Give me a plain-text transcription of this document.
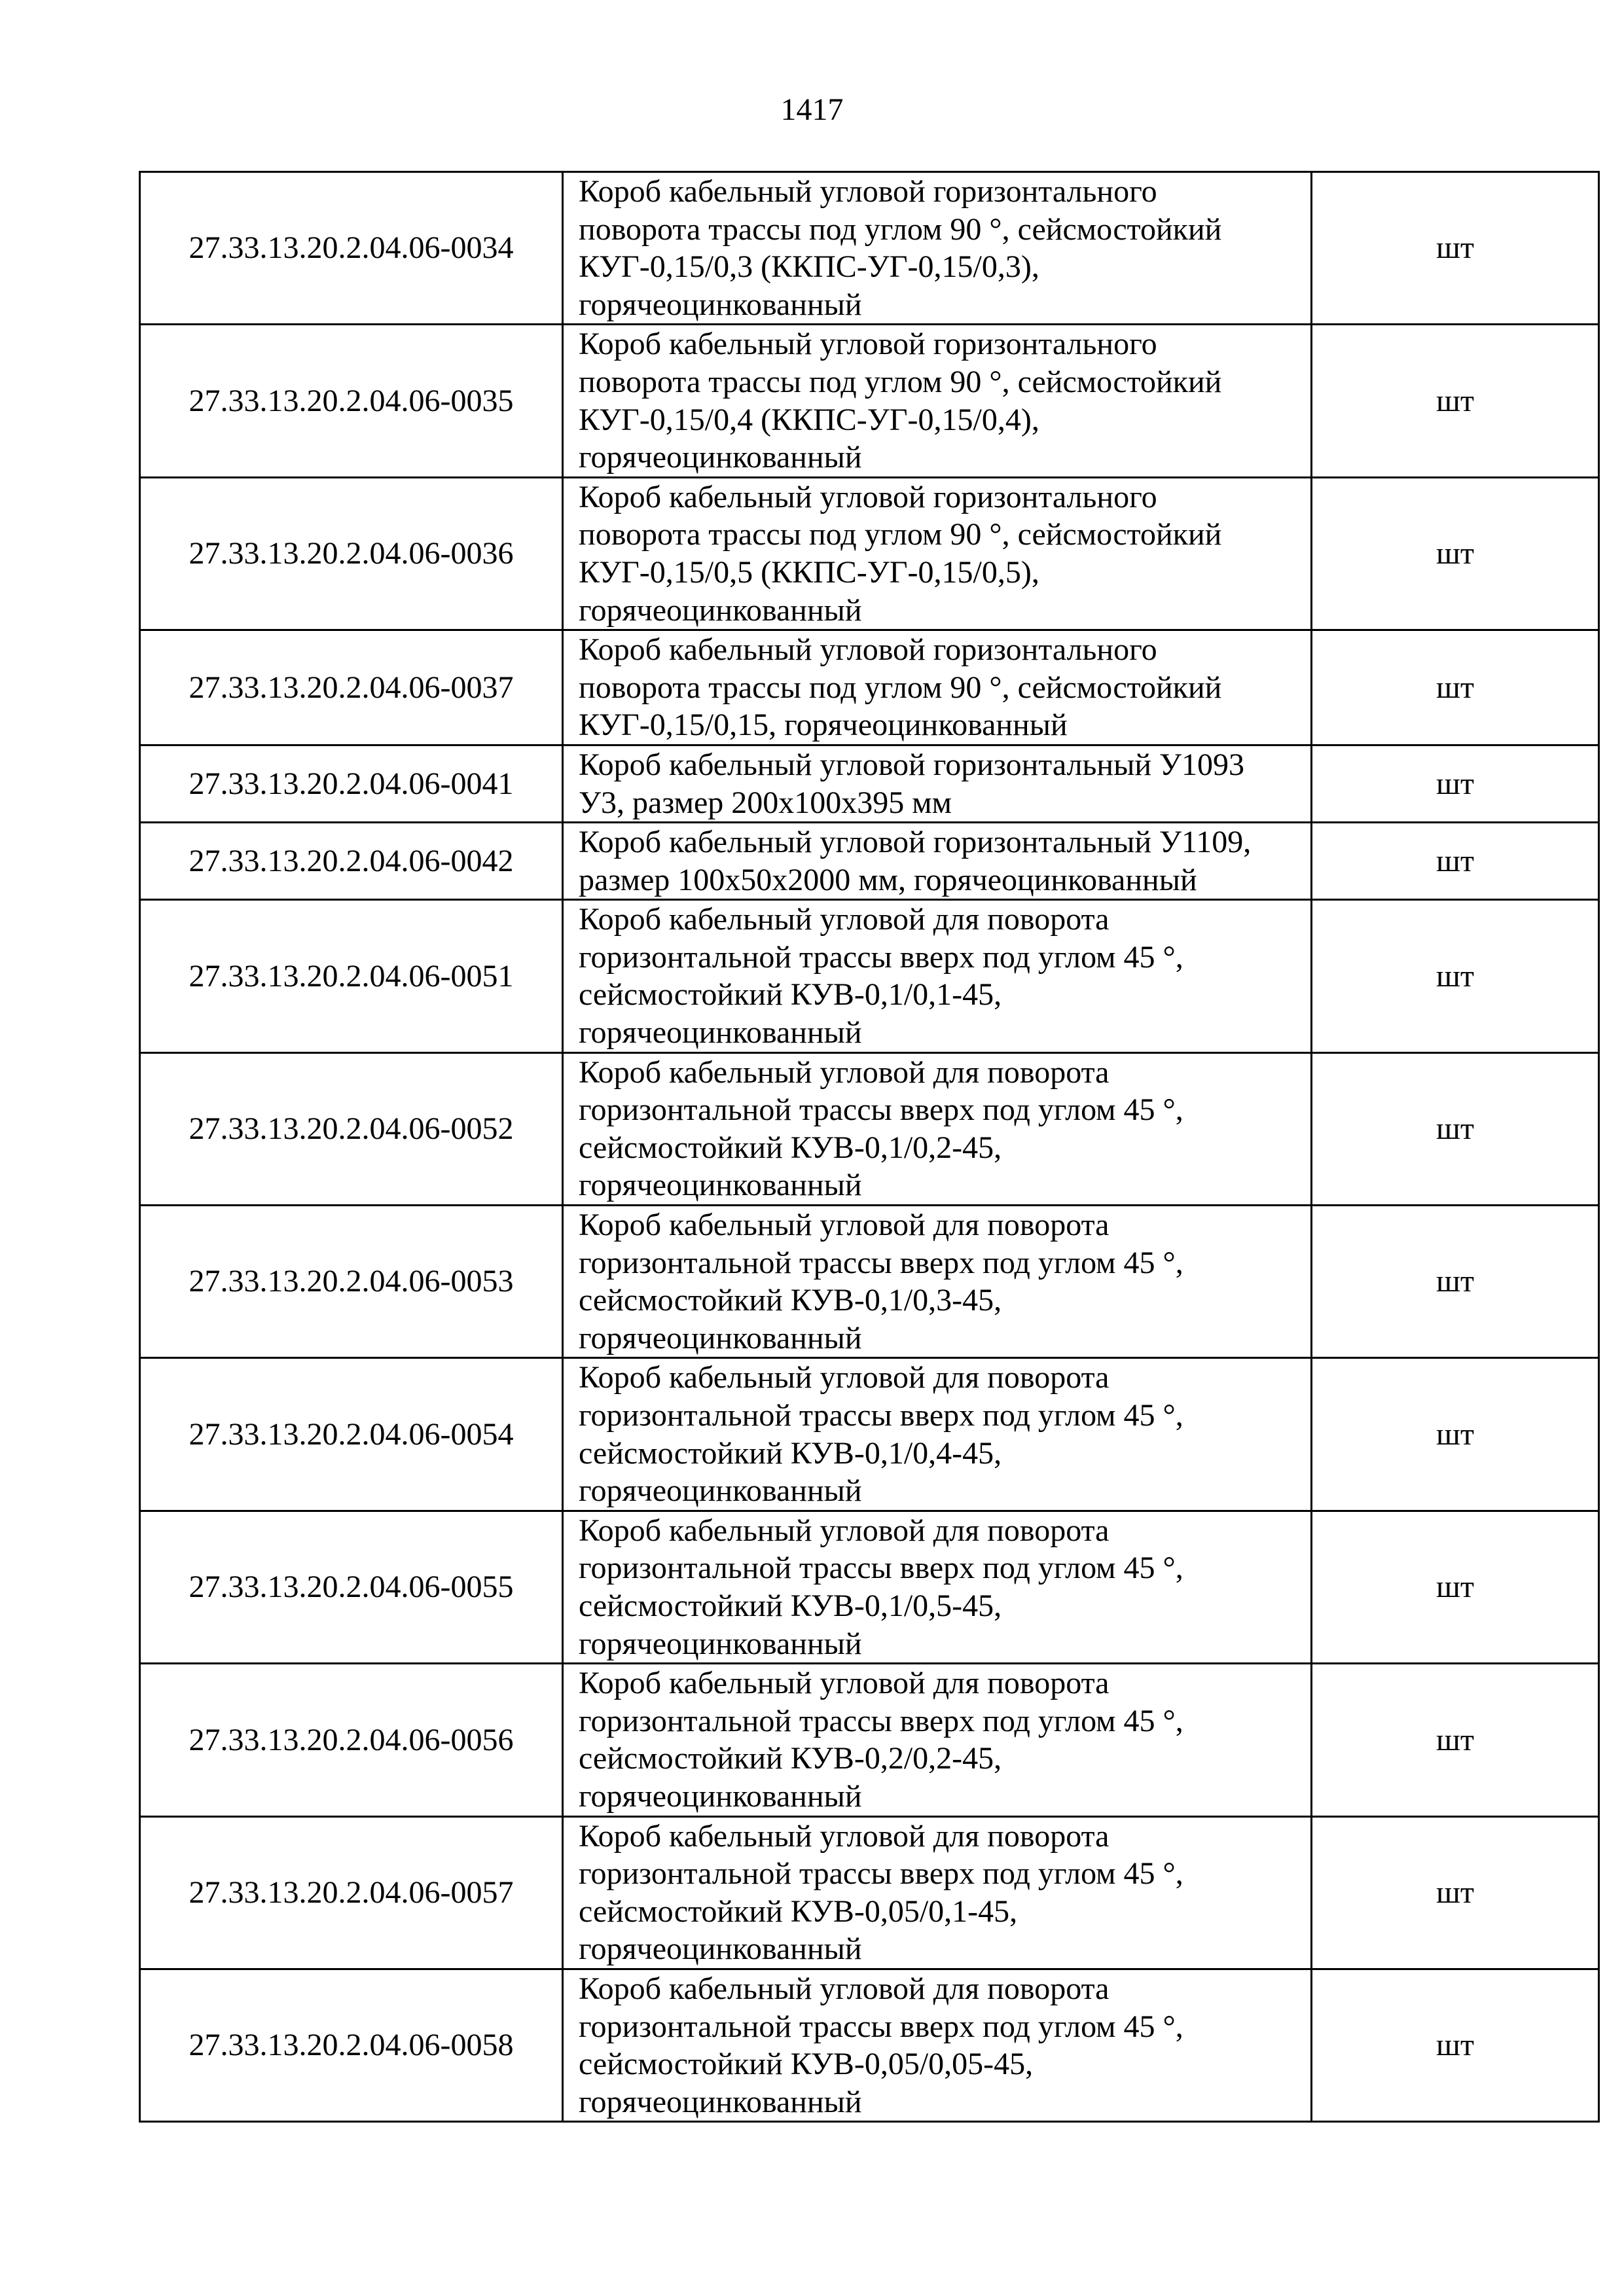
1417
27.33.13.20.2.04.06-0034	Короб кабельный угловой горизонтального
поворота трассы под углом 90 °, сейсмостойкий
КУГ-0,15/0,3 (ККПС-УГ-0,15/0,3),
горячеоцинкованный	шт
27.33.13.20.2.04.06-0035	Короб кабельный угловой горизонтального
поворота трассы под углом 90 °, сейсмостойкий
КУГ-0,15/0,4 (ККПС-УГ-0,15/0,4),
горячеоцинкованный	шт
27.33.13.20.2.04.06-0036	Короб кабельный угловой горизонтального
поворота трассы под углом 90 °, сейсмостойкий
КУГ-0,15/0,5 (ККПС-УГ-0,15/0,5),
горячеоцинкованный	шт
27.33.13.20.2.04.06-0037	Короб кабельный угловой горизонтального
поворота трассы под углом 90 °, сейсмостойкий
КУГ-0,15/0,15, горячеоцинкованный	шт
27.33.13.20.2.04.06-0041	Короб кабельный угловой горизонтальный У1093
У3, размер 200х100х395 мм	шт
27.33.13.20.2.04.06-0042	Короб кабельный угловой горизонтальный У1109,
размер 100х50х2000 мм, горячеоцинкованный	шт
27.33.13.20.2.04.06-0051	Короб кабельный угловой для поворота
горизонтальной трассы вверх под углом 45 °,
сейсмостойкий КУВ-0,1/0,1-45,
горячеоцинкованный	шт
27.33.13.20.2.04.06-0052	Короб кабельный угловой для поворота
горизонтальной трассы вверх под углом 45 °,
сейсмостойкий КУВ-0,1/0,2-45,
горячеоцинкованный	шт
27.33.13.20.2.04.06-0053	Короб кабельный угловой для поворота
горизонтальной трассы вверх под углом 45 °,
сейсмостойкий КУВ-0,1/0,3-45,
горячеоцинкованный	шт
27.33.13.20.2.04.06-0054	Короб кабельный угловой для поворота
горизонтальной трассы вверх под углом 45 °,
сейсмостойкий КУВ-0,1/0,4-45,
горячеоцинкованный	шт
27.33.13.20.2.04.06-0055	Короб кабельный угловой для поворота
горизонтальной трассы вверх под углом 45 °,
сейсмостойкий КУВ-0,1/0,5-45,
горячеоцинкованный	шт
27.33.13.20.2.04.06-0056	Короб кабельный угловой для поворота
горизонтальной трассы вверх под углом 45 °,
сейсмостойкий КУВ-0,2/0,2-45,
горячеоцинкованный	шт
27.33.13.20.2.04.06-0057	Короб кабельный угловой для поворота
горизонтальной трассы вверх под углом 45 °,
сейсмостойкий КУВ-0,05/0,1-45,
горячеоцинкованный	шт
27.33.13.20.2.04.06-0058	Короб кабельный угловой для поворота
горизонтальной трассы вверх под углом 45 °,
сейсмостойкий КУВ-0,05/0,05-45,
горячеоцинкованный	шт
